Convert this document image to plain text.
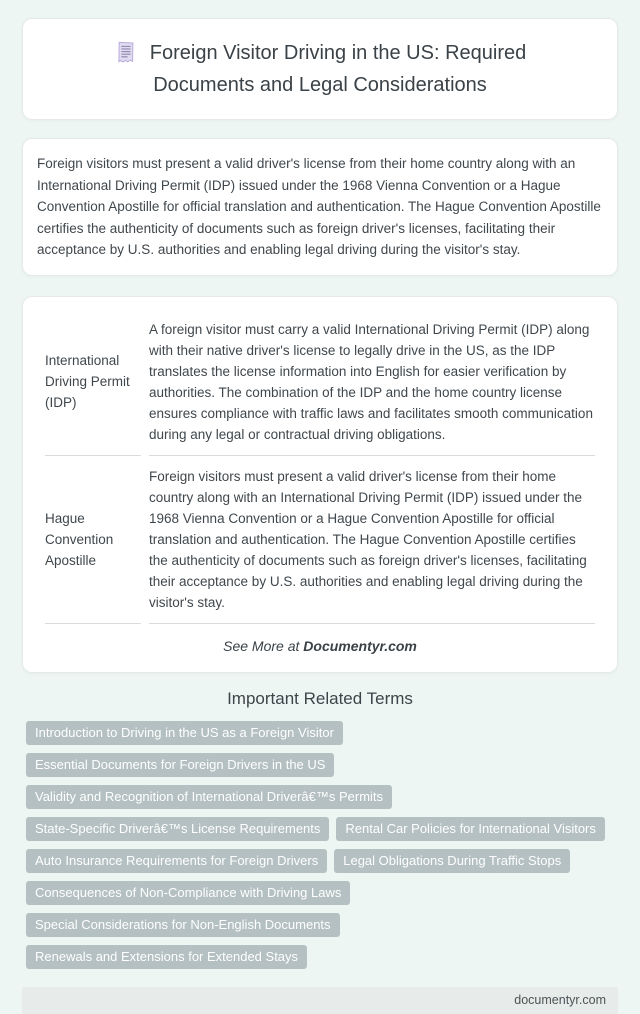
Foreign Visitor Driving in the US: Required Documents and Legal Considerations

Foreign visitors must present a valid driver's license from their home country along with an International Driving Permit (IDP) issued under the 1968 Vienna Convention or a Hague Convention Apostille for official translation and authentication. The Hague Convention Apostille certifies the authenticity of documents such as foreign driver's licenses, facilitating their acceptance by U.S. authorities and enabling legal driving during the visitor's stay.

International Driving Permit (IDP)	A foreign visitor must carry a valid International Driving Permit (IDP) along with their native driver's license to legally drive in the US, as the IDP translates the license information into English for easier verification by authorities. The combination of the IDP and the home country license ensures compliance with traffic laws and facilitates smooth communication during any legal or contractual driving obligations.
Hague Convention Apostille	Foreign visitors must present a valid driver's license from their home country along with an International Driving Permit (IDP) issued under the 1968 Vienna Convention or a Hague Convention Apostille for official translation and authentication. The Hague Convention Apostille certifies the authenticity of documents such as foreign driver's licenses, facilitating their acceptance by U.S. authorities and enabling legal driving during the visitor's stay.
See More at Documentyr.com
Important Related Terms
Introduction to Driving in the US as a Foreign VisitorEssential Documents for Foreign Drivers in the USValidity and Recognition of International Driverâ€™s PermitsState-Specific Driverâ€™s License Requirements Rental Car Policies for International VisitorsAuto Insurance Requirements for Foreign Drivers Legal Obligations During Traffic StopsConsequences of Non-Compliance with Driving LawsSpecial Considerations for Non-English DocumentsRenewals and Extensions for Extended Stays
documentyr.com
